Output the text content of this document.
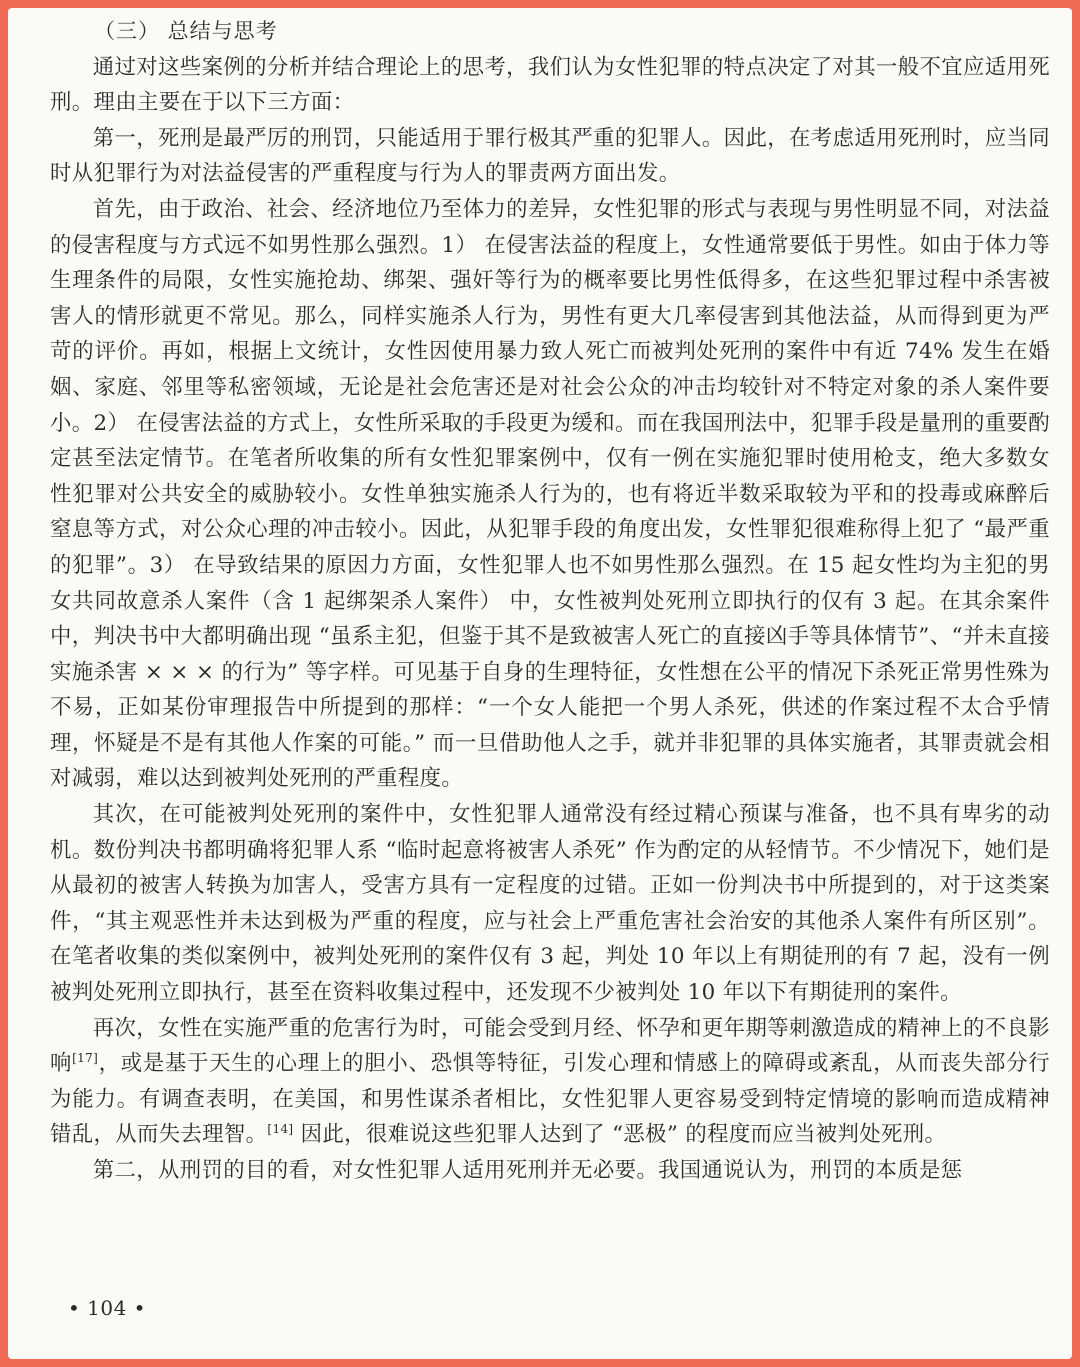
（三） 总结与思考

通过对这些案例的分析并结合理论上的思考，我们认为女性犯罪的特点决定了对其一般不宜应适用死刑。理由主要在于以下三方面：

第一，死刑是最严厉的刑罚，只能适用于罪行极其严重的犯罪人。因此，在考虑适用死刑时，应当同时从犯罪行为对法益侵害的严重程度与行为人的罪责两方面出发。

首先，由于政治、社会、经济地位乃至体力的差异，女性犯罪的形式与表现与男性明显不同，对法益的侵害程度与方式远不如男性那么强烈。1） 在侵害法益的程度上，女性通常要低于男性。如由于体力等生理条件的局限，女性实施抢劫、绑架、强奸等行为的概率要比男性低得多，在这些犯罪过程中杀害被害人的情形就更不常见。那么，同样实施杀人行为，男性有更大几率侵害到其他法益，从而得到更为严苛的评价。再如，根据上文统计，女性因使用暴力致人死亡而被判处死刑的案件中有近 74% 发生在婚姻、家庭、邻里等私密领域，无论是社会危害还是对社会公众的冲击均较针对不特定对象的杀人案件要小。2） 在侵害法益的方式上，女性所采取的手段更为缓和。而在我国刑法中，犯罪手段是量刑的重要酌定甚至法定情节。在笔者所收集的所有女性犯罪案例中，仅有一例在实施犯罪时使用枪支，绝大多数女性犯罪对公共安全的威胁较小。女性单独实施杀人行为的，也有将近半数采取较为平和的投毒或麻醉后窒息等方式，对公众心理的冲击较小。因此，从犯罪手段的角度出发，女性罪犯很难称得上犯了 “最严重的犯罪”。3） 在导致结果的原因力方面，女性犯罪人也不如男性那么强烈。在 15 起女性均为主犯的男女共同故意杀人案件（含 1 起绑架杀人案件） 中，女性被判处死刑立即执行的仅有 3 起。在其余案件中，判决书中大都明确出现 “虽系主犯，但鉴于其不是致被害人死亡的直接凶手等具体情节”、“并未直接实施杀害 × × × 的行为” 等字样。可见基于自身的生理特征，女性想在公平的情况下杀死正常男性殊为不易，正如某份审理报告中所提到的那样：“一个女人能把一个男人杀死，供述的作案过程不太合乎情理，怀疑是不是有其他人作案的可能。” 而一旦借助他人之手，就并非犯罪的具体实施者，其罪责就会相对减弱，难以达到被判处死刑的严重程度。

其次，在可能被判处死刑的案件中，女性犯罪人通常没有经过精心预谋与准备，也不具有卑劣的动机。数份判决书都明确将犯罪人系 “临时起意将被害人杀死” 作为酌定的从轻情节。不少情况下，她们是从最初的被害人转换为加害人，受害方具有一定程度的过错。正如一份判决书中所提到的，对于这类案件，“其主观恶性并未达到极为严重的程度，应与社会上严重危害社会治安的其他杀人案件有所区别”。在笔者收集的类似案例中，被判处死刑的案件仅有 3 起，判处 10 年以上有期徒刑的有 7 起，没有一例被判处死刑立即执行，甚至在资料收集过程中，还发现不少被判处 10 年以下有期徒刑的案件。

再次，女性在实施严重的危害行为时，可能会受到月经、怀孕和更年期等刺激造成的精神上的不良影响[17]，或是基于天生的心理上的胆小、恐惧等特征，引发心理和情感上的障碍或紊乱，从而丧失部分行为能力。有调查表明，在美国，和男性谋杀者相比，女性犯罪人更容易受到特定情境的影响而造成精神错乱，从而失去理智。[14] 因此，很难说这些犯罪人达到了 “恶极” 的程度而应当被判处死刑。

第二，从刑罚的目的看，对女性犯罪人适用死刑并无必要。我国通说认为，刑罚的本质是惩

• 104 •
